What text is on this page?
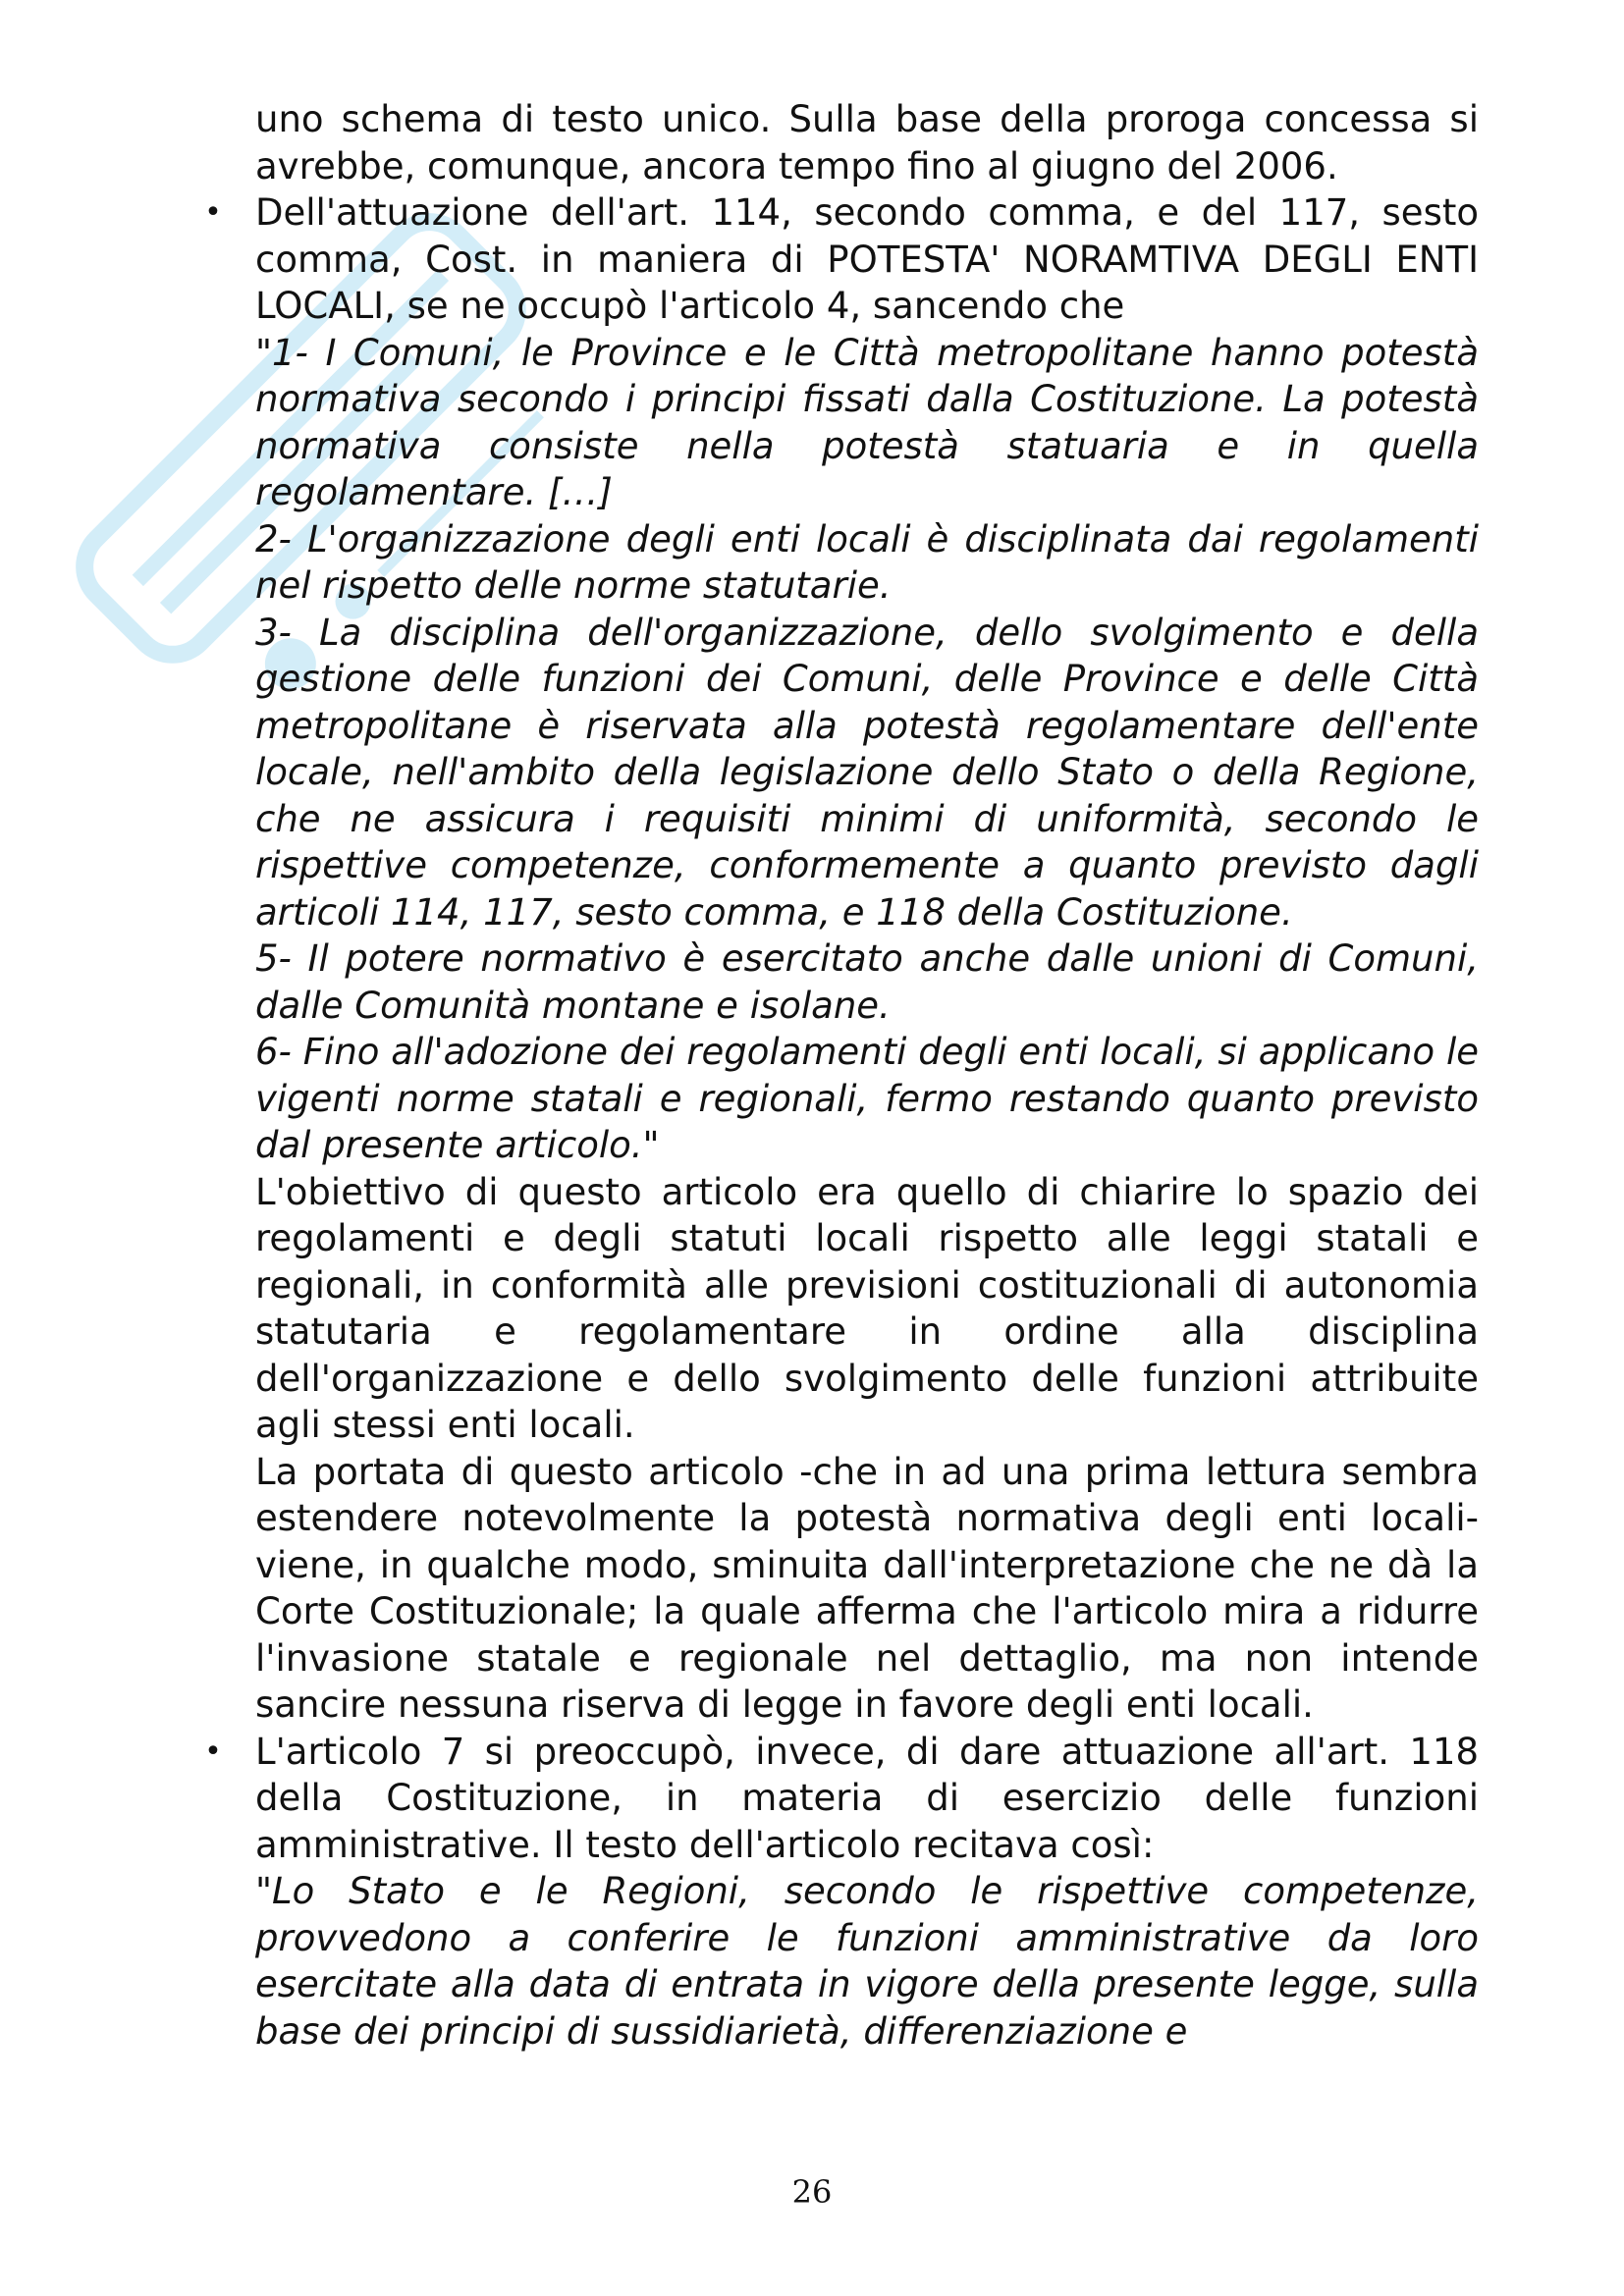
uno schema di testo unico. Sulla base della proroga concessa si avrebbe, comunque, ancora tempo fino al giugno del 2006.

• Dell'attuazione dell'art. 114, secondo comma, e del 117, sesto comma, Cost. in maniera di POTESTA' NORAMTIVA DEGLI ENTI LOCALI, se ne occupò l'articolo 4, sancendo che

"1- I Comuni, le Province e le Città metropolitane hanno potestà normativa secondo i principi fissati dalla Costituzione. La potestà normativa consiste nella potestà statuaria e in quella regolamentare. […]

2- L'organizzazione degli enti locali è disciplinata dai regolamenti nel rispetto delle norme statutarie.

3- La disciplina dell'organizzazione, dello svolgimento e della gestione delle funzioni dei Comuni, delle Province e delle Città metropolitane è riservata alla potestà regolamentare dell'ente locale, nell'ambito della legislazione dello Stato o della Regione, che ne assicura i requisiti minimi di uniformità, secondo le rispettive competenze, conformemente a quanto previsto dagli articoli 114, 117, sesto comma, e 118 della Costituzione.

5- Il potere normativo è esercitato anche dalle unioni di Comuni, dalle Comunità montane e isolane.

6- Fino all'adozione dei regolamenti degli enti locali, si applicano le vigenti norme statali e regionali, fermo restando quanto previsto dal presente articolo."

L'obiettivo di questo articolo era quello di chiarire lo spazio dei regolamenti e degli statuti locali rispetto alle leggi statali e regionali, in conformità alle previsioni costituzionali di autonomia statutaria e regolamentare in ordine alla disciplina dell'organizzazione e dello svolgimento delle funzioni attribuite agli stessi enti locali.

La portata di questo articolo -che in ad una prima lettura sembra estendere notevolmente la potestà normativa degli enti locali- viene, in qualche modo, sminuita dall'interpretazione che ne dà la Corte Costituzionale; la quale afferma che l'articolo mira a ridurre l'invasione statale e regionale nel dettaglio, ma non intende sancire nessuna riserva di legge in favore degli enti locali.

• L'articolo 7 si preoccupò, invece, di dare attuazione all'art. 118 della Costituzione, in materia di esercizio delle funzioni amministrative. Il testo dell'articolo recitava così:

"Lo Stato e le Regioni, secondo le rispettive competenze, provvedono a conferire le funzioni amministrative da loro esercitate alla data di entrata in vigore della presente legge, sulla base dei principi di sussidiarietà, differenziazione e

26
